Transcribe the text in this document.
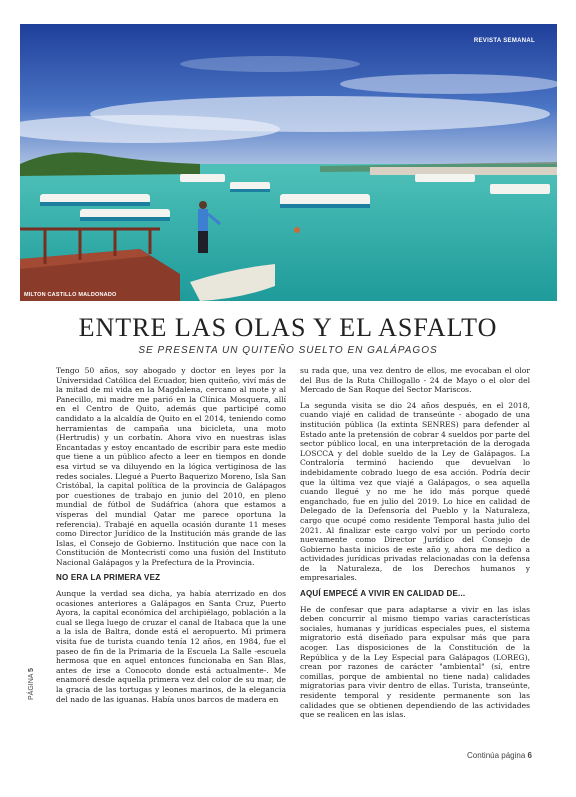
REVISTA SEMANAL
MILTON CASTILLO MALDONADO
ENTRE LAS OLAS Y EL ASFALTO
SE PRESENTA UN QUITEÑO SUELTO EN GALÁPAGOS

Tengo 50 años, soy abogado y doctor en leyes por la Universidad Católica del Ecuador, bien quiteño, viví más de la mitad de mi vida en la Magdalena, cercano al mote y al Panecillo, mi madre me parió en la Clínica Mosquera, allí en el Centro de Quito, además que participé como candidato a la alcaldía de Quito en el 2014, teniendo como herramientas de campaña una bicicleta, una moto (Hertrudis) y un corbatín. Ahora vivo en nuestras islas Encantadas y estoy encantado de escribir para este medio que tiene a un público afecto a leer en tiempos en donde esa virtud se va diluyendo en la lógica vertiginosa de las redes sociales. Llegué a Puerto Baquerizo Moreno, Isla San Cristóbal, la capital política de la provincia de Galápagos por cuestiones de trabajo en junio del 2010, en pleno mundial de fútbol de Sudáfrica (ahora que estamos a vísperas del mundial Qatar me parece oportuna la referencia). Trabajé en aquella ocasión durante 11 meses como Director Jurídico de la Institución más grande de las Islas, el Consejo de Gobierno. Institución que nace con la Constitución de Montecristi como una fusión del Instituto Nacional Galápagos y la Prefectura de la Provincia.

NO ERA LA PRIMERA VEZ

Aunque la verdad sea dicha, ya había aterrizado en dos ocasiones anteriores a Galápagos en Santa Cruz, Puerto Ayora, la capital económica del archipiélago, población a la cual se llega luego de cruzar el canal de Itabaca que la une a la isla de Baltra, donde está el aeropuerto. Mi primera visita fue de turista cuando tenía 12 años, en 1984, fue el paseo de fin de la Primaria de la Escuela La Salle -escuela hermosa que en aquel entonces funcionaba en San Blas, antes de irse a Conocoto donde está actualmente-. Me enamoré desde aquella primera vez del color de su mar, de la gracia de las tortugas y leones marinos, de la elegancia del nado de las iguanas. Había unos barcos de madera en

su rada que, una vez dentro de ellos, me evocaban el olor del Bus de la Ruta Chillogallo - 24 de Mayo o el olor del Mercado de San Roque del Sector Mariscos.

La segunda visita se dio 24 años después, en el 2018, cuando viajé en calidad de transeúnte - abogado de una institución pública (la extinta SENRES) para defender al Estado ante la pretensión de cobrar 4 sueldos por parte del sector público local, en una interpretación de la derogada LOSCCA y del doble sueldo de la Ley de Galápagos. La Contraloría terminó haciendo que devuelvan lo indebidamente cobrado luego de esa acción. Podría decir que la última vez que viajé a Galápagos, o sea aquella cuando llegué y no me he ido más porque quedé enganchado, fue en julio del 2019. Lo hice en calidad de Delegado de la Defensoría del Pueblo y la Naturaleza, cargo que ocupé como residente Temporal hasta julio del 2021. Al finalizar este cargo volví por un período corto nuevamente como Director Jurídico del Consejo de Gobierno hasta inicios de este año y, ahora me dedico a actividades jurídicas privadas relacionadas con la defensa de la Naturaleza, de los Derechos humanos y empresariales.

AQUÍ EMPECÉ A VIVIR EN CALIDAD DE...

He de confesar que para adaptarse a vivir en las islas deben concurrir al mismo tiempo varias características sociales, humanas y jurídicas especiales pues, el sistema migratorio está diseñado para expulsar más que para acoger. Las disposiciones de la Constitución de la República y de la Ley Especial para Galápagos (LOREG), crean por razones de carácter "ambiental" (sí, entre comillas, porque de ambiental no tiene nada) calidades migratorias para vivir dentro de ellas. Turista, transeúnte, residente temporal y residente permanente son las calidades que se obtienen dependiendo de las actividades que se realicen en las islas.

PÁGINA 5
Continúa página 6
